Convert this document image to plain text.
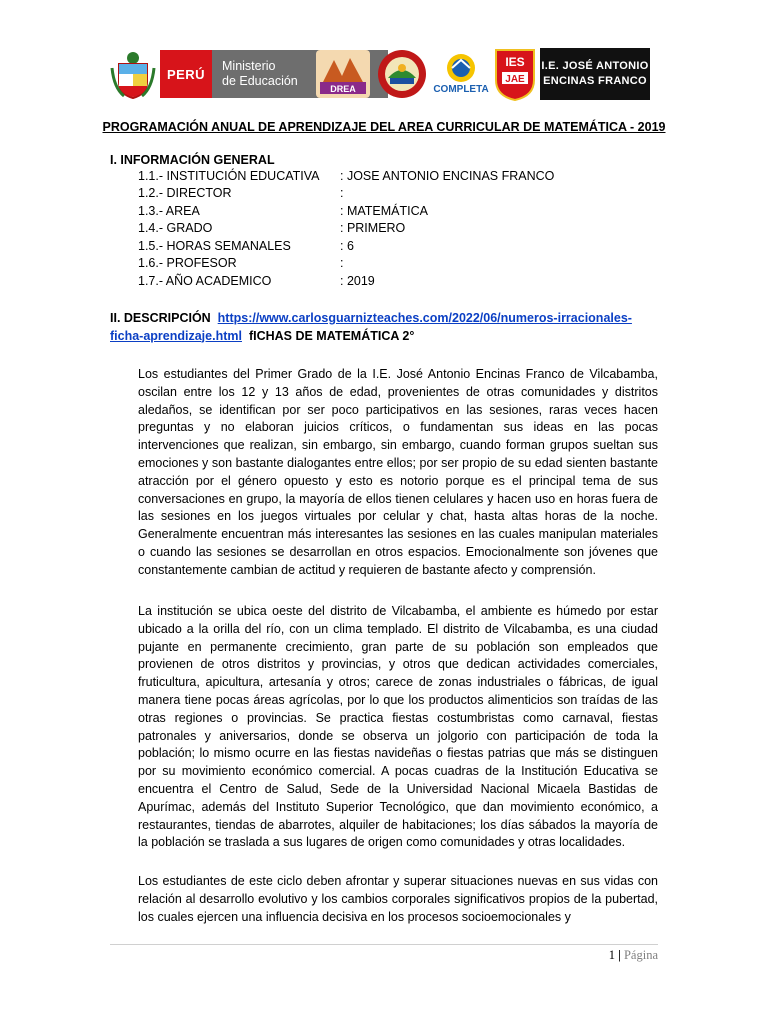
PERÚ
Ministerio
de Educación
DREA	COMPLETA
IES
JAE
I.E. JOSÉ ANTONIO
ENCINAS FRANCO
PROGRAMACIÓN ANUAL DE APRENDIZAJE DEL AREA CURRICULAR DE MATEMÁTICA - 2019
I. INFORMACIÓN GENERAL
1.1.- INSTITUCIÓN EDUCATIVA : JOSE ANTONIO ENCINAS FRANCO
1.2.- DIRECTOR	:
1.3.- AREA	: MATEMÁTICA
1.4.- GRADO	: PRIMERO
1.5.- HORAS SEMANALES	: 6
1.6.- PROFESOR	:
1.7.- AÑO ACADEMICO	: 2019
II. DESCRIPCIÓN https://www.carlosguarnizteaches.com/2022/06/numeros-irracionales-ficha-aprendizaje.html fICHAS DE MATEMÁTICA 2°

Los estudiantes del Primer Grado de la I.E. José Antonio Encinas Franco de Vilcabamba, oscilan entre los 12 y 13 años de edad, provenientes de otras comunidades y distritos aledaños, se identifican por ser poco participativos en las sesiones, raras veces hacen preguntas y no elaboran juicios críticos, o fundamentan sus ideas en las pocas intervenciones que realizan, sin embargo, sin embargo, cuando forman grupos sueltan sus emociones y son bastante dialogantes entre ellos; por ser propio de su edad sienten bastante atracción por el género opuesto y esto es notorio porque es el principal tema de sus conversaciones en grupo, la mayoría de ellos tienen celulares y hacen uso en horas fuera de las sesiones en los juegos virtuales por celular y chat, hasta altas horas de la noche. Generalmente encuentran más interesantes las sesiones en las cuales manipulan materiales o cuando las sesiones se desarrollan en otros espacios. Emocionalmente son jóvenes que constantemente cambian de actitud y requieren de bastante afecto y comprensión.

La institución se ubica oeste del distrito de Vilcabamba, el ambiente es húmedo por estar ubicado a la orilla del río, con un clima templado. El distrito de Vilcabamba, es una ciudad pujante en permanente crecimiento, gran parte de su población son empleados que provienen de otros distritos y provincias, y otros que dedican actividades comerciales, fruticultura, apicultura, artesanía y otros; carece de zonas industriales o fábricas, de igual manera tiene pocas áreas agrícolas, por lo que los productos alimenticios son traídas de las otras regiones o provincias. Se practica fiestas costumbristas como carnaval, fiestas patronales y aniversarios, donde se observa un jolgorio con participación de toda la población; lo mismo ocurre en las fiestas navideñas o fiestas patrias que más se distinguen por su movimiento económico comercial. A pocas cuadras de la Institución Educativa se encuentra el Centro de Salud, Sede de la Universidad Nacional Micaela Bastidas de Apurímac, además del Instituto Superior Tecnológico, que dan movimiento económico, a restaurantes, tiendas de abarrotes, alquiler de habitaciones; los días sábados la mayoría de la población se traslada a sus lugares de origen como comunidades y otras localidades.

Los estudiantes de este ciclo deben afrontar y superar situaciones nuevas en sus vidas con relación al desarrollo evolutivo y los cambios corporales significativos propios de la pubertad, los cuales ejercen una influencia decisiva en los procesos socioemocionales y

1 | Página
